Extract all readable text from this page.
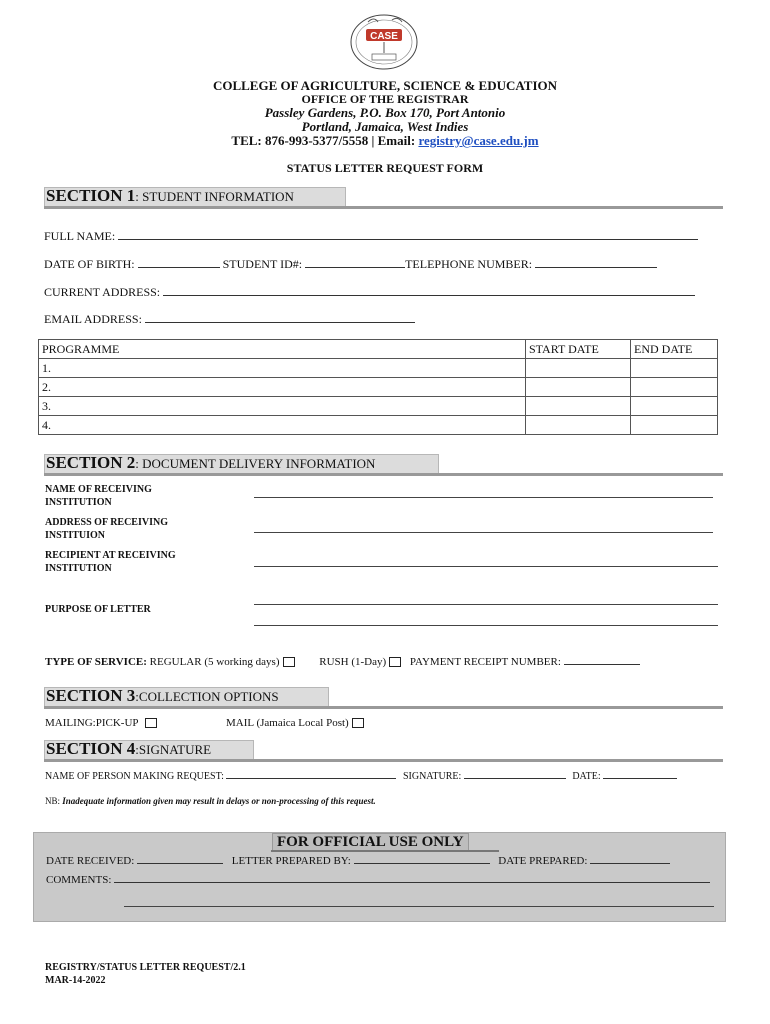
CASE
COLLEGE OF AGRICULTURE, SCIENCE & EDUCATION
OFFICE OF THE REGISTRAR
Passley Gardens, P.O. Box 170, Port Antonio
Portland, Jamaica, West Indies
TEL: 876-993-5377/5558 | Email: registry@case.edu.jm
STATUS LETTER REQUEST FORM
SECTION 1: STUDENT INFORMATION
FULL NAME:
DATE OF BIRTH:	STUDENT ID#:	TELEPHONE NUMBER:
CURRENT ADDRESS:
EMAIL ADDRESS:
PROGRAMME	START DATE	END DATE
1.		
2.		
3.		
4.		
SECTION 2: DOCUMENT DELIVERY INFORMATION
NAME OF RECEIVING
INSTITUTION
ADDRESS OF RECEIVING
INSTITUION
RECIPIENT AT RECEIVING
INSTITUTION
PURPOSE OF LETTER
TYPE OF SERVICE: REGULAR (5 working days)	RUSH (1-Day) PAYMENT RECEIPT NUMBER:
SECTION 3:COLLECTION OPTIONS
MAILING:PICK-UP	MAIL (Jamaica Local Post)
SECTION 4:SIGNATURE
NAME OF PERSON MAKING REQUEST:	SIGNATURE:	DATE:
NB: Inadequate information given may result in delays or non-processing of this request.
FOR OFFICIAL USE ONLY
DATE RECEIVED:	LETTER PREPARED BY:	DATE PREPARED:
COMMENTS:
REGISTRY/STATUS LETTER REQUEST/2.1
MAR-14-2022
